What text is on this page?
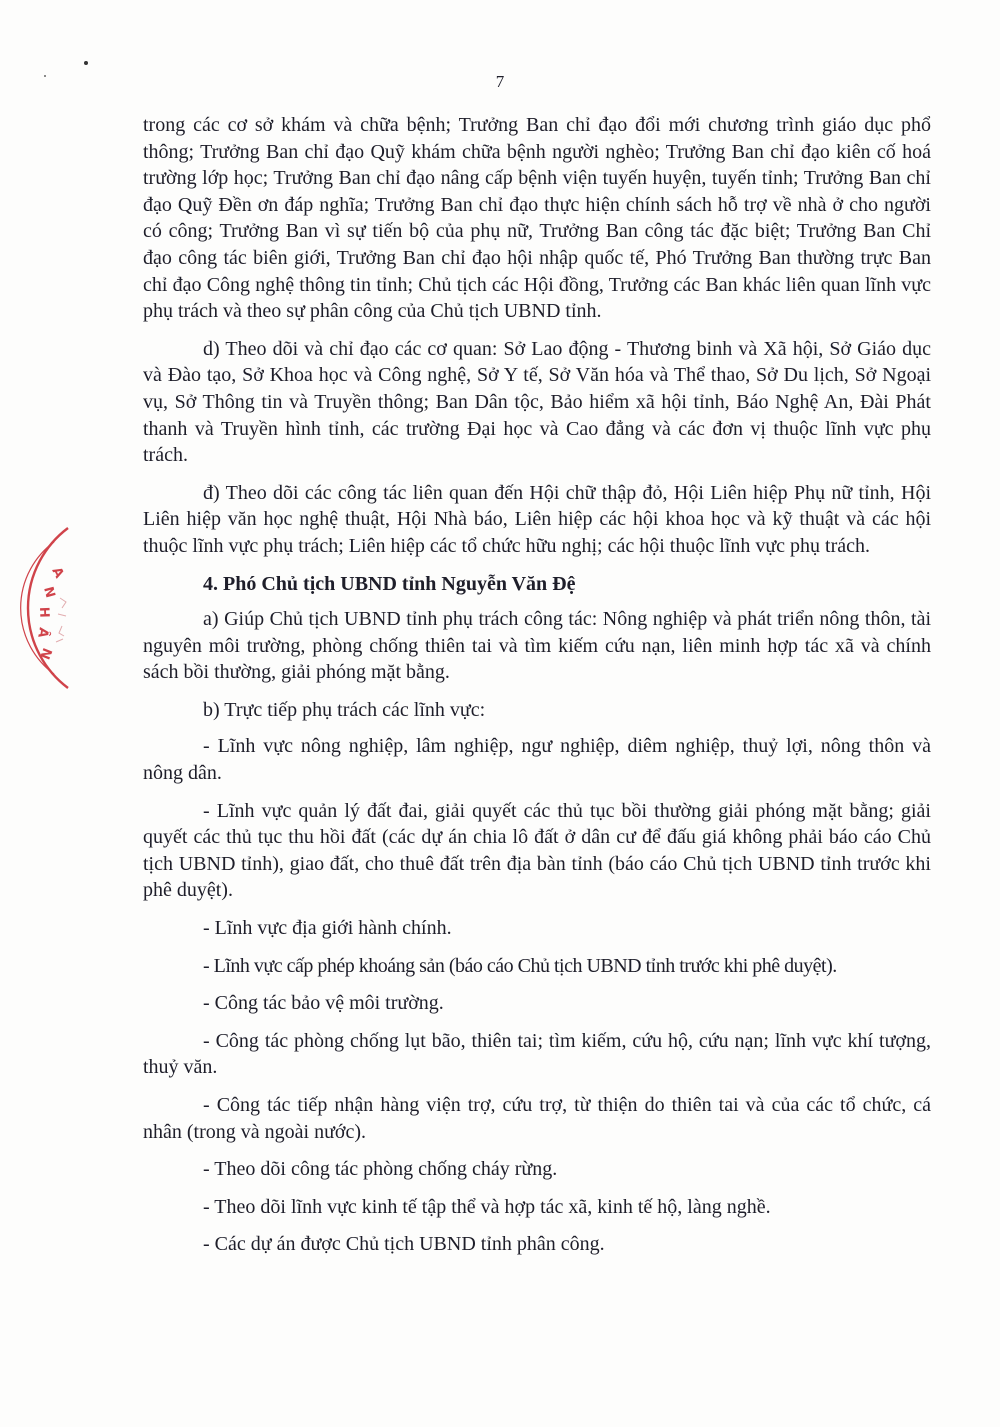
7
A
N
H
Â
N

trong các cơ sở khám và chữa bệnh; Trưởng Ban chỉ đạo đổi mới chương trình giáo dục phổ thông; Trưởng Ban chỉ đạo Quỹ khám chữa bệnh người nghèo; Trưởng Ban chỉ đạo kiên cố hoá trường lớp học; Trưởng Ban chỉ đạo nâng cấp bệnh viện tuyến huyện, tuyến tỉnh; Trưởng Ban chỉ đạo Quỹ Đền ơn đáp nghĩa; Trưởng Ban chỉ đạo thực hiện chính sách hỗ trợ về nhà ở cho người có công; Trưởng Ban vì sự tiến bộ của phụ nữ, Trưởng Ban công tác đặc biệt; Trưởng Ban Chỉ đạo công tác biên giới, Trưởng Ban chỉ đạo hội nhập quốc tế, Phó Trưởng Ban thường trực Ban chỉ đạo Công nghệ thông tin tỉnh; Chủ tịch các Hội đồng, Trưởng các Ban khác liên quan lĩnh vực phụ trách và theo sự phân công của Chủ tịch UBND tỉnh.

d) Theo dõi và chỉ đạo các cơ quan: Sở Lao động - Thương binh và Xã hội, Sở Giáo dục và Đào tạo, Sở Khoa học và Công nghệ, Sở Y tế, Sở Văn hóa và Thể thao, Sở Du lịch, Sở Ngoại vụ, Sở Thông tin và Truyền thông; Ban Dân tộc, Bảo hiểm xã hội tỉnh, Báo Nghệ An, Đài Phát thanh và Truyền hình tỉnh, các trường Đại học và Cao đẳng và các đơn vị thuộc lĩnh vực phụ trách.

đ) Theo dõi các công tác liên quan đến Hội chữ thập đỏ, Hội Liên hiệp Phụ nữ tỉnh, Hội Liên hiệp văn học nghệ thuật, Hội Nhà báo, Liên hiệp các hội khoa học và kỹ thuật và các hội thuộc lĩnh vực phụ trách; Liên hiệp các tổ chức hữu nghị; các hội thuộc lĩnh vực phụ trách.

4. Phó Chủ tịch UBND tỉnh Nguyễn Văn Đệ

a) Giúp Chủ tịch UBND tỉnh phụ trách công tác: Nông nghiệp và phát triển nông thôn, tài nguyên môi trường, phòng chống thiên tai và tìm kiếm cứu nạn, liên minh hợp tác xã và chính sách bồi thường, giải phóng mặt bằng.

b) Trực tiếp phụ trách các lĩnh vực:

- Lĩnh vực nông nghiệp, lâm nghiệp, ngư nghiệp, diêm nghiệp, thuỷ lợi, nông thôn và nông dân.

- Lĩnh vực quản lý đất đai, giải quyết các thủ tục bồi thường giải phóng mặt bằng; giải quyết các thủ tục thu hồi đất (các dự án chia lô đất ở dân cư để đấu giá không phải báo cáo Chủ tịch UBND tỉnh), giao đất, cho thuê đất trên địa bàn tỉnh (báo cáo Chủ tịch UBND tỉnh trước khi phê duyệt).

- Lĩnh vực địa giới hành chính.

- Lĩnh vực cấp phép khoáng sản (báo cáo Chủ tịch UBND tỉnh trước khi phê duyệt).

- Công tác bảo vệ môi trường.

- Công tác phòng chống lụt bão, thiên tai; tìm kiếm, cứu hộ, cứu nạn; lĩnh vực khí tượng, thuỷ văn.

- Công tác tiếp nhận hàng viện trợ, cứu trợ, từ thiện do thiên tai và của các tổ chức, cá nhân (trong và ngoài nước).

- Theo dõi công tác phòng chống cháy rừng.

- Theo dõi lĩnh vực kinh tế tập thể và hợp tác xã, kinh tế hộ, làng nghề.

- Các dự án được Chủ tịch UBND tỉnh phân công.
